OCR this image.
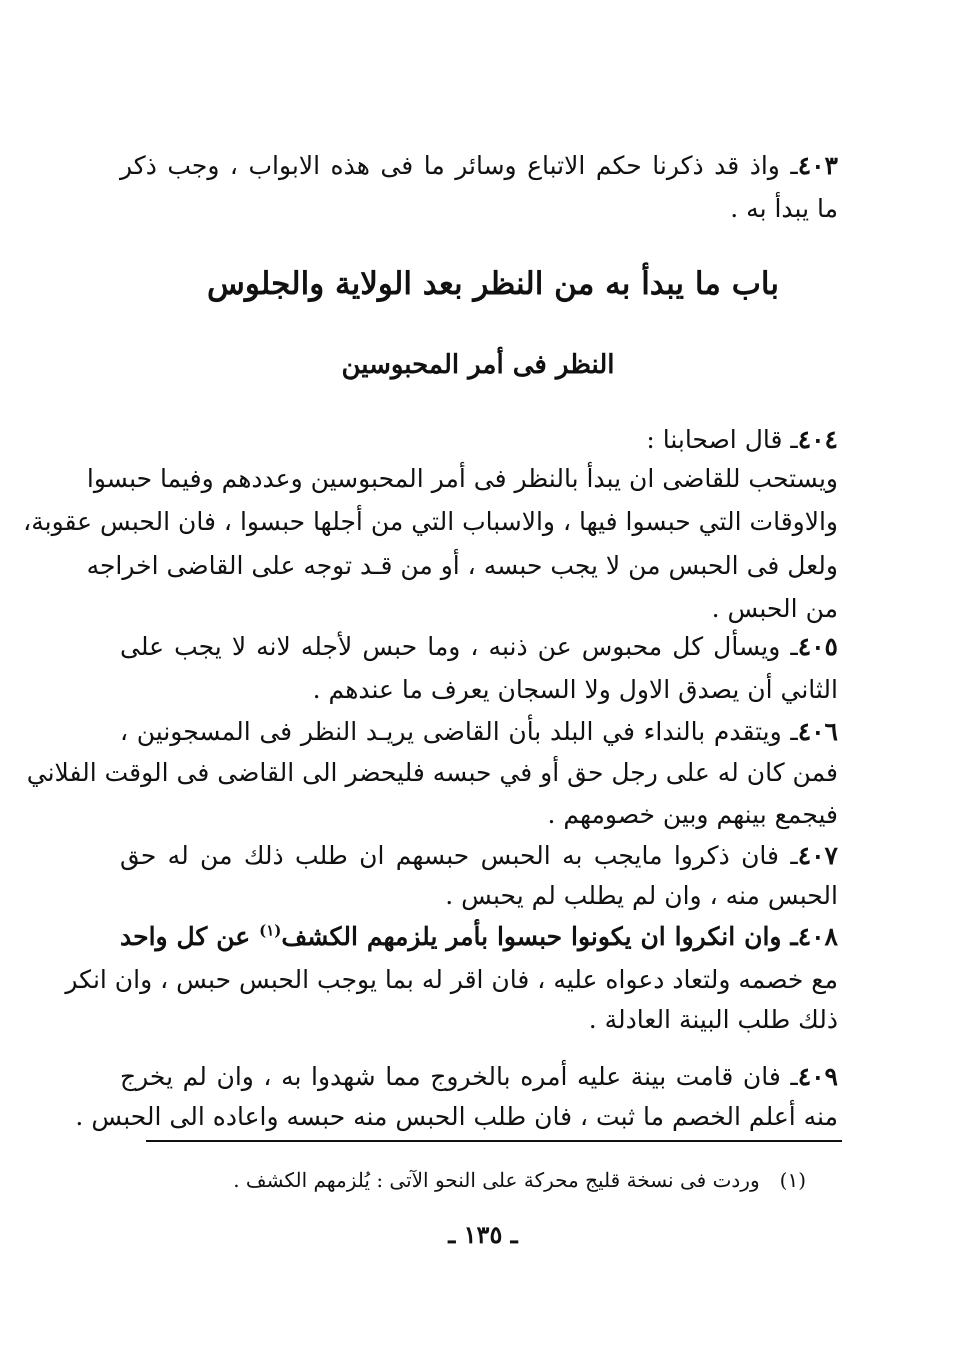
٤٠٣ـ واذ قد ذكرنا حكم الاتباع وسائر ما فى هذه الابواب ، وجب ذكر
ما يبدأ به .
باب ما يبدأ به من النظر بعد الولاية والجلوس
النظر فى أمر المحبوسين
٤٠٤ـ قال اصحابنا :
ويستحب للقاضى ان يبدأ بالنظر فى أمر المحبوسين وعددهم وفيما حبسوا
والاوقات التي حبسوا فيها ، والاسباب التي من أجلها حبسوا ، فان الحبس عقوبة،
ولعل فى الحبس من لا يجب حبسه ، أو من قـد توجه على القاضى اخراجه
من الحبس .
٤٠٥ـ ويسأل كل محبوس عن ذنبه ، وما حبس لأجله لانه لا يجب على
الثاني أن يصدق الاول ولا السجان يعرف ما عندهم .
٤٠٦ـ ويتقدم بالنداء في البلد بأن القاضى يريـد النظر فى المسجونين ،
فمن كان له على رجل حق أو في حبسه فليحضر الى القاضى فى الوقت الفلاني
فيجمع بينهم وبين خصومهم .
٤٠٧ـ فان ذكروا مايجب به الحبس حبسهم ان طلب ذلك من له حق
الحبس منه ، وان لم يطلب لم يحبس .
٤٠٨ـ وان انكروا ان يكونوا حبسوا بأمر يلزمهم الكشف$^{(١)}$ عن كل واحد
مع خصمه ولتعاد دعواه عليه ، فان اقر له بما يوجب الحبس حبس ، وان انكر
ذلك طلب البينة العادلة .
٤٠٩ـ فان قامت بينة عليه أمره بالخروج مما شهدوا به ، وان لم يخرج
منه أعلم الخصم ما ثبت ، فان طلب الحبس منه حبسه واعاده الى الحبس .
(١)وردت فى نسخة قليج محركة على النحو الآتى : يُلزمهم الكشف .
ـ ١٣٥ ـ
